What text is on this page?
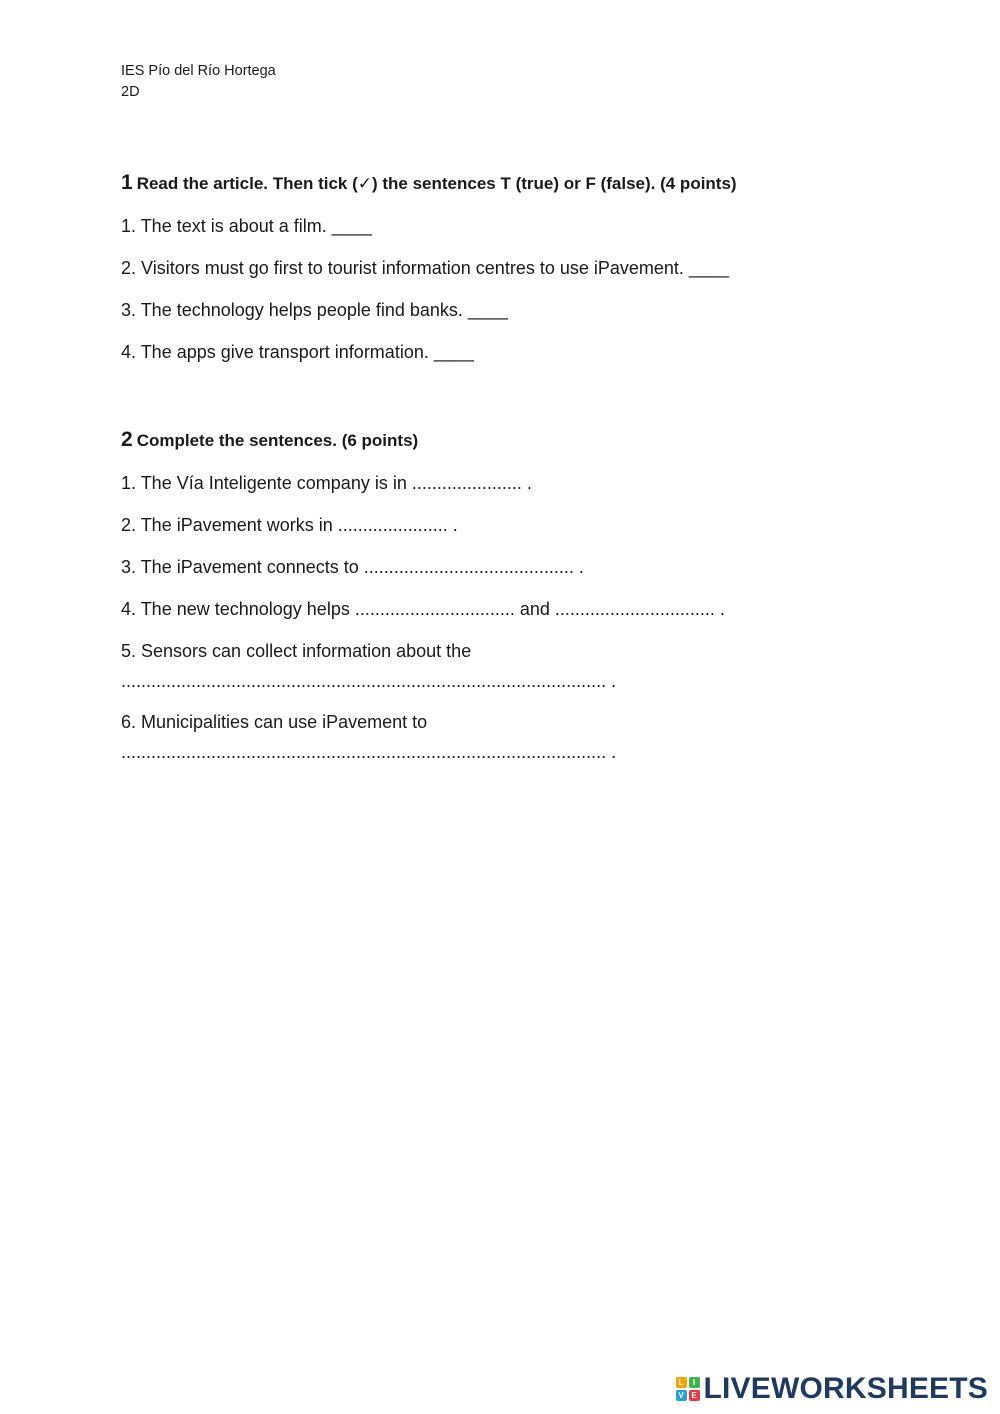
IES Pío del Río Hortega
2D
1 Read the article. Then tick (✓) the sentences T (true) or F (false). (4 points)
1. The text is about a film. ____
2. Visitors must go first to tourist information centres to use iPavement. ____
3. The technology helps people find banks. ____
4. The apps give transport information. ____
2 Complete the sentences. (6 points)
1. The Vía Inteligente company is in ...................... .
2. The iPavement works in ...................... .
3. The iPavement connects to .......................................... .
4. The new technology helps ................................ and ................................ .
5. Sensors can collect information about the
................................................................................................. .
6. Municipalities can use iPavement to
................................................................................................. .
L	I
V E LIVEWORKSHEETS
